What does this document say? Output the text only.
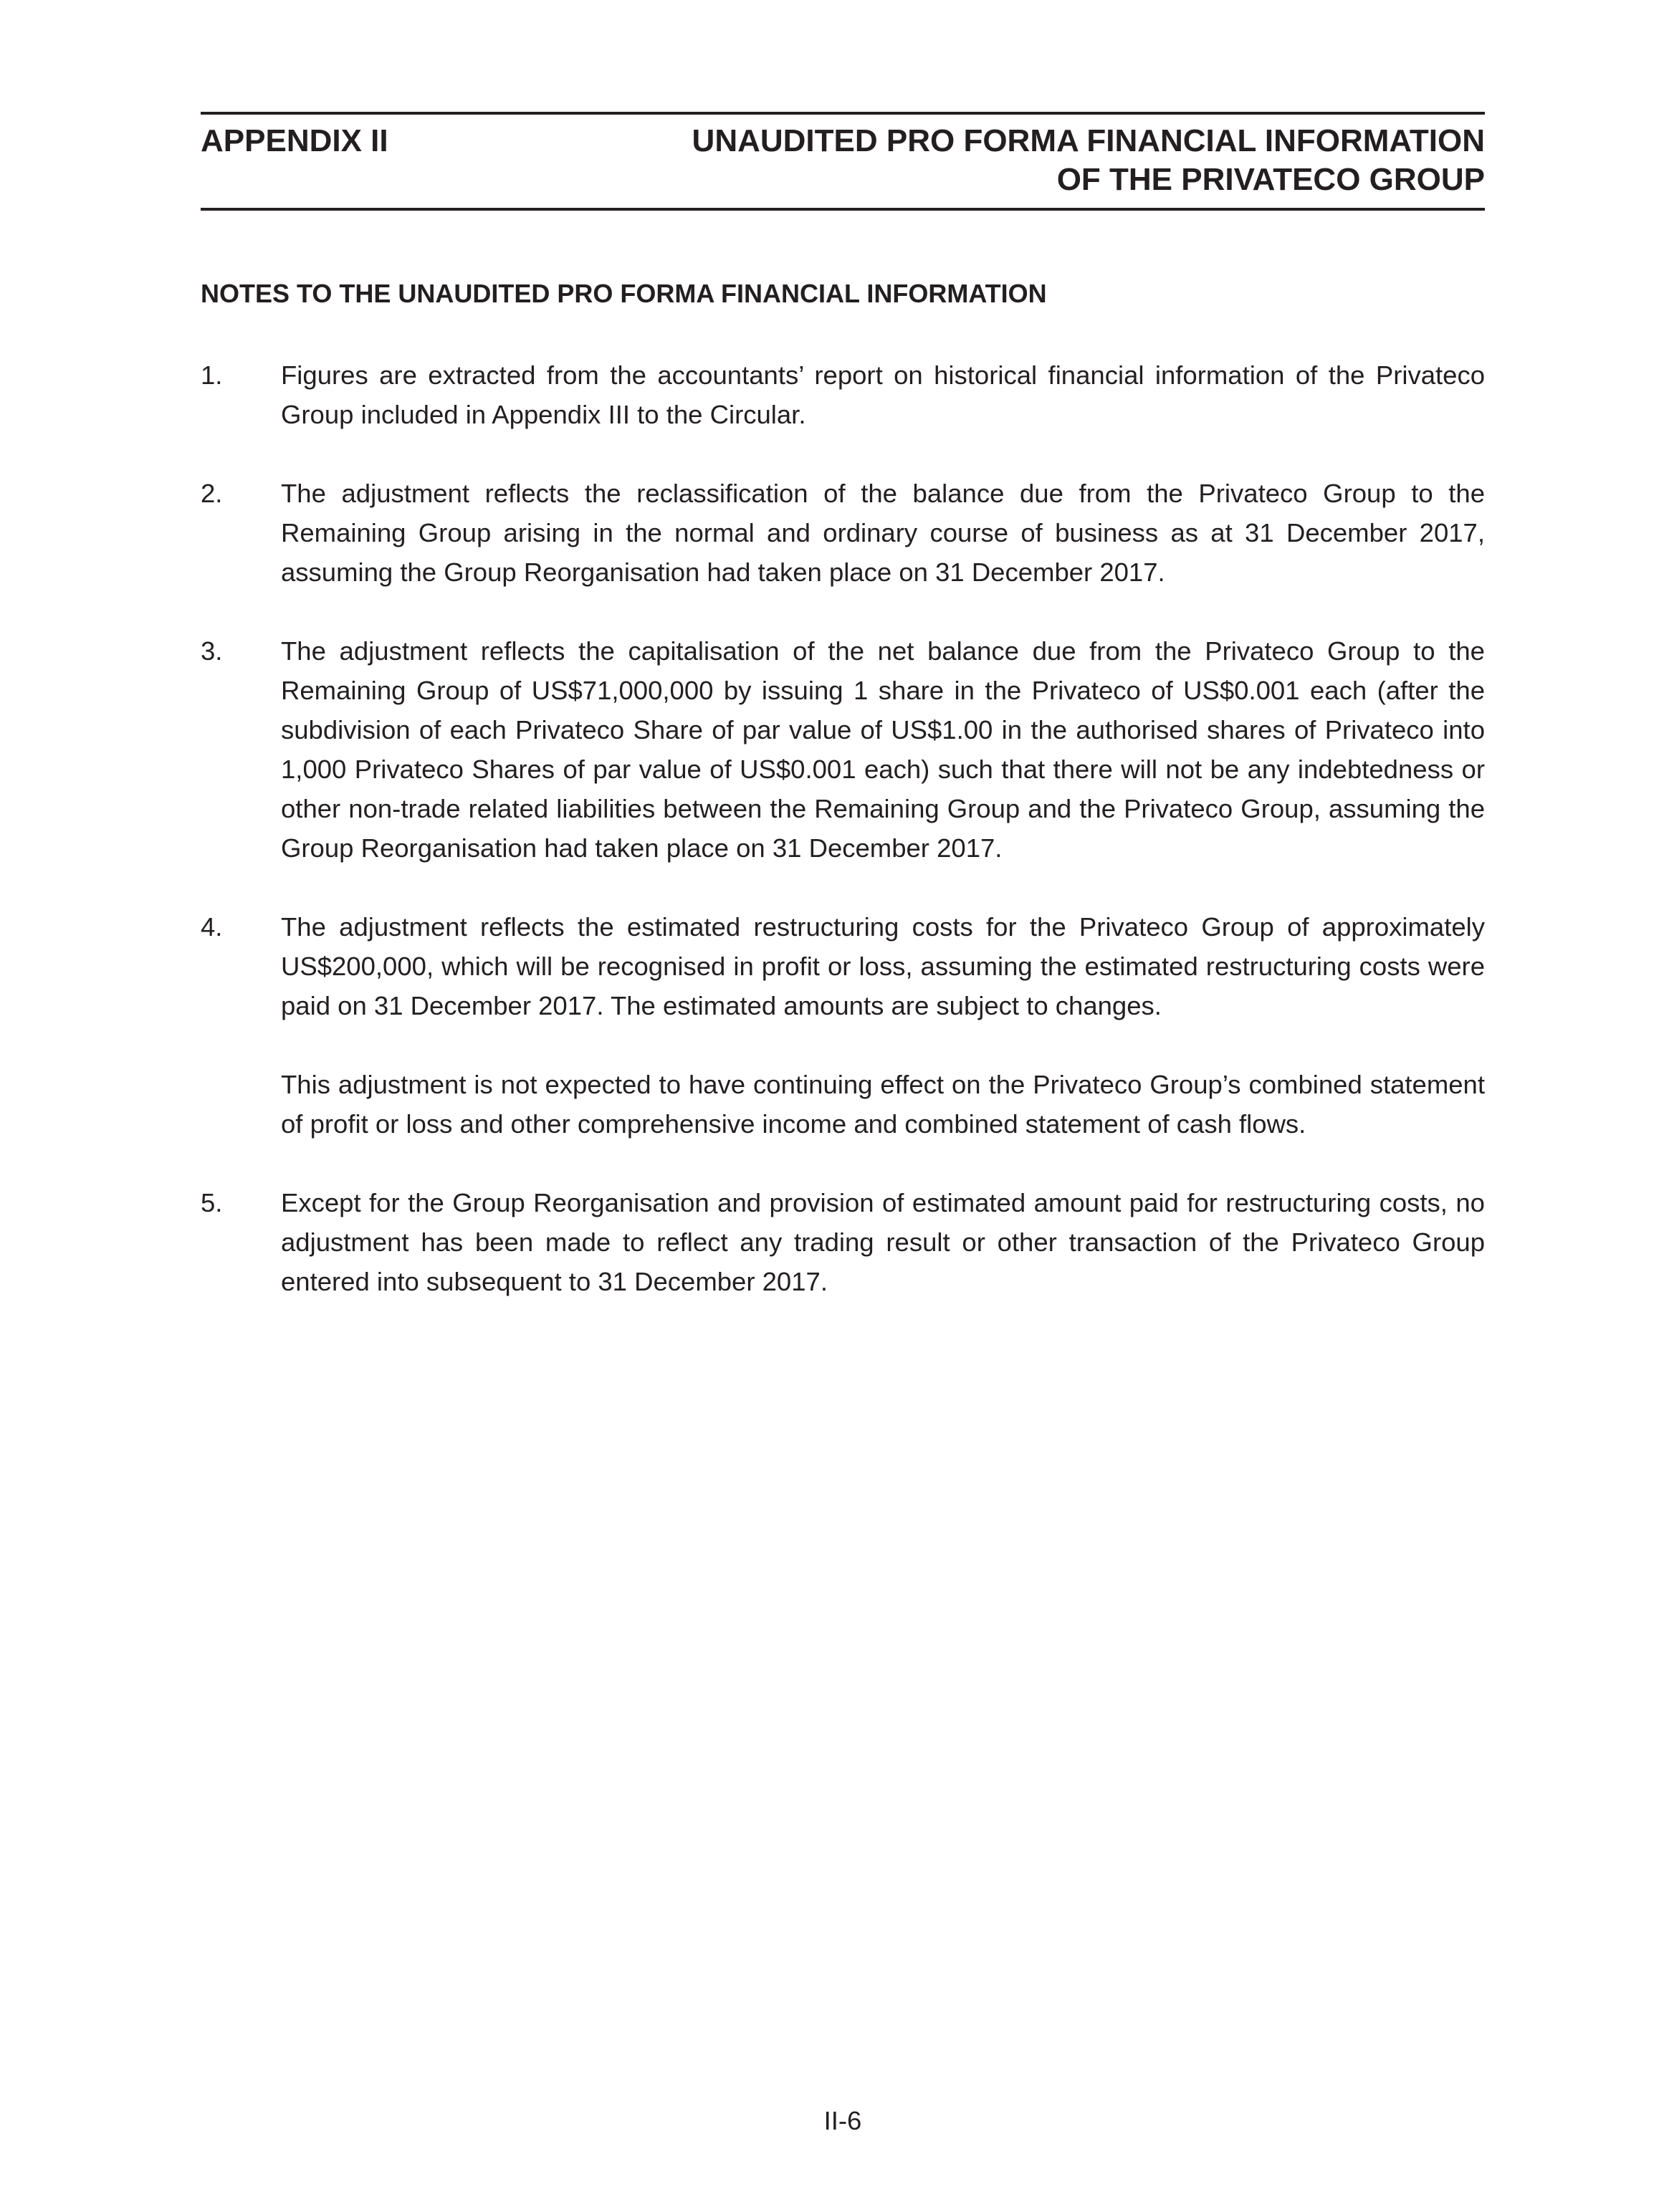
APPENDIX II	UNAUDITED PRO FORMA FINANCIAL INFORMATION
OF THE PRIVATECO GROUP
NOTES TO THE UNAUDITED PRO FORMA FINANCIAL INFORMATION
1. Figures are extracted from the accountants’ report on historical financial information of the Privateco Group included in Appendix III to the Circular.

2. The adjustment reflects the reclassification of the balance due from the Privateco Group to the Remaining Group arising in the normal and ordinary course of business as at 31 December 2017, assuming the Group Reorganisation had taken place on 31 December 2017.

3. The adjustment reflects the capitalisation of the net balance due from the Privateco Group to the Remaining Group of US$71,000,000 by issuing 1 share in the Privateco of US$0.001 each (after the subdivision of each Privateco Share of par value of US$1.00 in the authorised shares of Privateco into 1,000 Privateco Shares of par value of US$0.001 each) such that there will not be any indebtedness or other non-trade related liabilities between the Remaining Group and the Privateco Group, assuming the Group Reorganisation had taken place on 31 December 2017.

4. The adjustment reflects the estimated restructuring costs for the Privateco Group of approximately US$200,000, which will be recognised in profit or loss, assuming the estimated restructuring costs were paid on 31 December 2017. The estimated amounts are subject to changes.

This adjustment is not expected to have continuing effect on the Privateco Group’s combined statement of profit or loss and other comprehensive income and combined statement of cash flows.

5. Except for the Group Reorganisation and provision of estimated amount paid for restructuring costs, no adjustment has been made to reflect any trading result or other transaction of the Privateco Group entered into subsequent to 31 December 2017.

II-6
